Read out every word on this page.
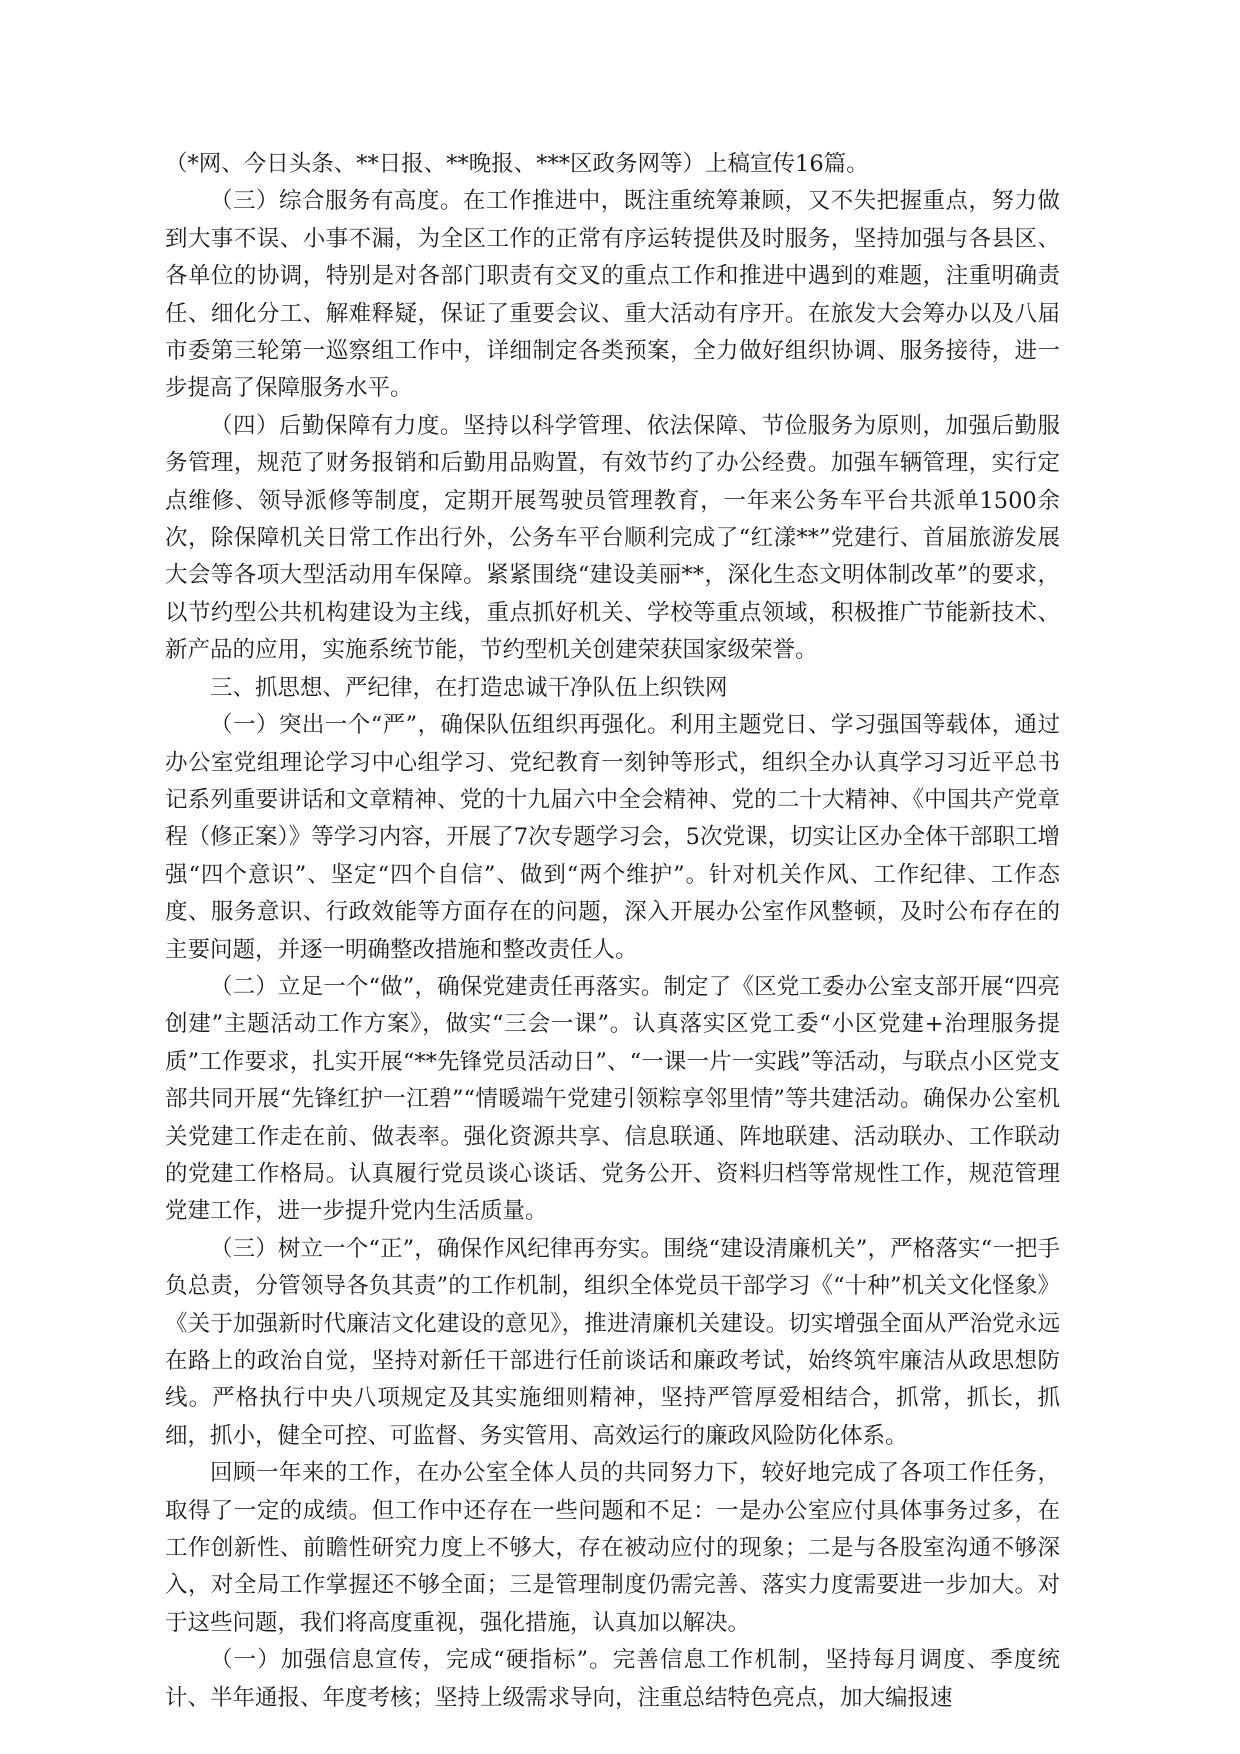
（*网、今日头条、**日报、**晚报、***区政务网等）上稿宣传16篇。

（三）综合服务有高度。在工作推进中，既注重统筹兼顾，又不失把握重点，努力做到大事不误、小事不漏，为全区工作的正常有序运转提供及时服务，坚持加强与各县区、各单位的协调，特别是对各部门职责有交叉的重点工作和推进中遇到的难题，注重明确责任、细化分工、解难释疑，保证了重要会议、重大活动有序开。在旅发大会筹办以及八届市委第三轮第一巡察组工作中，详细制定各类预案，全力做好组织协调、服务接待，进一步提高了保障服务水平。

（四）后勤保障有力度。坚持以科学管理、依法保障、节俭服务为原则，加强后勤服务管理，规范了财务报销和后勤用品购置，有效节约了办公经费。加强车辆管理，实行定点维修、领导派修等制度，定期开展驾驶员管理教育，一年来公务车平台共派单1500余次，除保障机关日常工作出行外，公务车平台顺利完成了“红漾**”党建行、首届旅游发展大会等各项大型活动用车保障。紧紧围绕“建设美丽**，深化生态文明体制改革”的要求，以节约型公共机构建设为主线，重点抓好机关、学校等重点领域，积极推广节能新技术、新产品的应用，实施系统节能，节约型机关创建荣获国家级荣誉。

三、抓思想、严纪律，在打造忠诚干净队伍上织铁网

（一）突出一个“严”，确保队伍组织再强化。利用主题党日、学习强国等载体，通过办公室党组理论学习中心组学习、党纪教育一刻钟等形式，组织全办认真学习习近平总书记系列重要讲话和文章精神、党的十九届六中全会精神、党的二十大精神、《中国共产党章程（修正案）》等学习内容，开展了7次专题学习会，5次党课，切实让区办全体干部职工增强“四个意识”、坚定“四个自信”、做到“两个维护”。针对机关作风、工作纪律、工作态度、服务意识、行政效能等方面存在的问题，深入开展办公室作风整顿，及时公布存在的主要问题，并逐一明确整改措施和整改责任人。

（二）立足一个“做”，确保党建责任再落实。制定了《区党工委办公室支部开展“四亮创建”主题活动工作方案》，做实“三会一课”。认真落实区党工委“小区党建+治理服务提质”工作要求，扎实开展“**先锋党员活动日”、“一课一片一实践”等活动，与联点小区党支部共同开展“先锋红护一江碧”“情暖端午党建引领粽享邻里情”等共建活动。确保办公室机关党建工作走在前、做表率。强化资源共享、信息联通、阵地联建、活动联办、工作联动的党建工作格局。认真履行党员谈心谈话、党务公开、资料归档等常规性工作，规范管理党建工作，进一步提升党内生活质量。

（三）树立一个“正”，确保作风纪律再夯实。围绕“建设清廉机关”，严格落实“一把手负总责，分管领导各负其责”的工作机制，组织全体党员干部学习《“十种”机关文化怪象》《关于加强新时代廉洁文化建设的意见》，推进清廉机关建设。切实增强全面从严治党永远在路上的政治自觉，坚持对新任干部进行任前谈话和廉政考试，始终筑牢廉洁从政思想防线。严格执行中央八项规定及其实施细则精神，坚持严管厚爱相结合，抓常，抓长，抓细，抓小，健全可控、可监督、务实管用、高效运行的廉政风险防化体系。

回顾一年来的工作，在办公室全体人员的共同努力下，较好地完成了各项工作任务，取得了一定的成绩。但工作中还存在一些问题和不足：一是办公室应付具体事务过多，在工作创新性、前瞻性研究力度上不够大，存在被动应付的现象；二是与各股室沟通不够深入，对全局工作掌握还不够全面；三是管理制度仍需完善、落实力度需要进一步加大。对于这些问题，我们将高度重视，强化措施，认真加以解决。

（一）加强信息宣传，完成“硬指标”。完善信息工作机制，坚持每月调度、季度统计、半年通报、年度考核；坚持上级需求导向，注重总结特色亮点，加大编报速
